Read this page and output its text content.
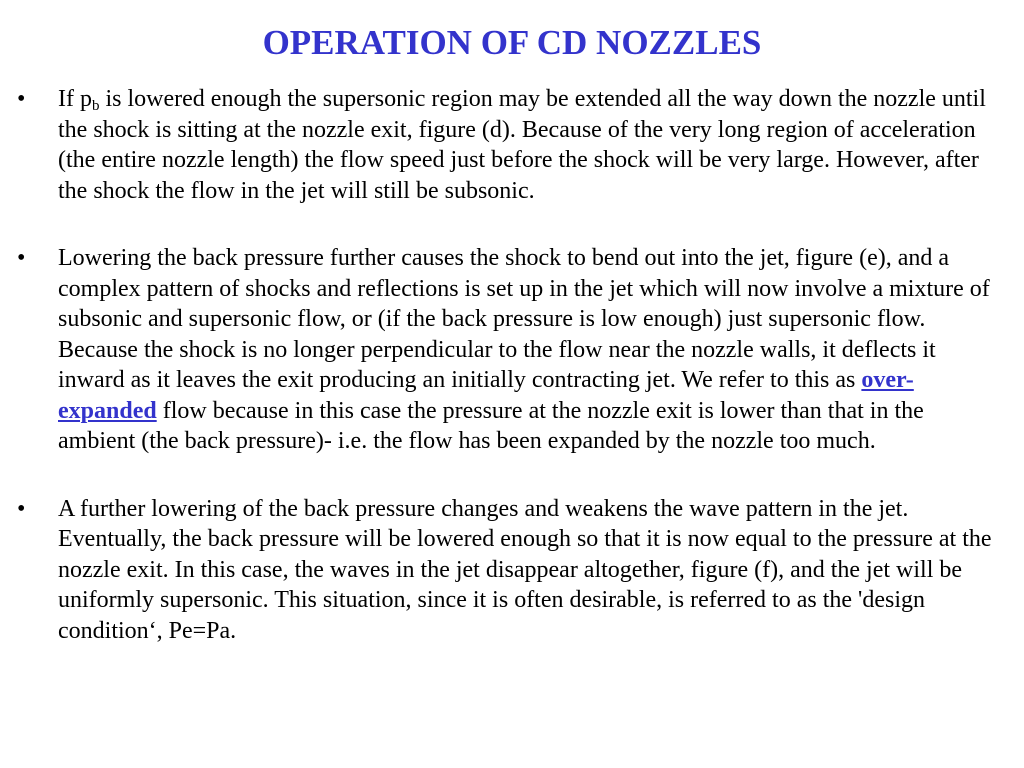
OPERATION OF CD NOZZLES
• If $p_b$ is lowered enough the supersonic region may be extended all the way down the nozzle until the shock is sitting at the nozzle exit, figure (d). Because of the very long region of acceleration (the entire nozzle length) the flow speed just before the shock will be very large. However, after the shock the flow in the jet will still be subsonic.
• Lowering the back pressure further causes the shock to bend out into the jet, figure (e), and a complex pattern of shocks and reflections is set up in the jet which will now involve a mixture of subsonic and supersonic flow, or (if the back pressure is low enough) just supersonic flow. Because the shock is no longer perpendicular to the flow near the nozzle walls, it deflects it inward as it leaves the exit producing an initially contracting jet. We refer to this as over-expanded flow because in this case the pressure at the nozzle exit is lower than that in the ambient (the back pressure)- i.e. the flow has been expanded by the nozzle too much.
• A further lowering of the back pressure changes and weakens the wave pattern in the jet. Eventually, the back pressure will be lowered enough so that it is now equal to the pressure at the nozzle exit. In this case, the waves in the jet disappear altogether, figure (f), and the jet will be uniformly supersonic. This situation, since it is often desirable, is referred to as the 'design condition‘, Pe=Pa.
